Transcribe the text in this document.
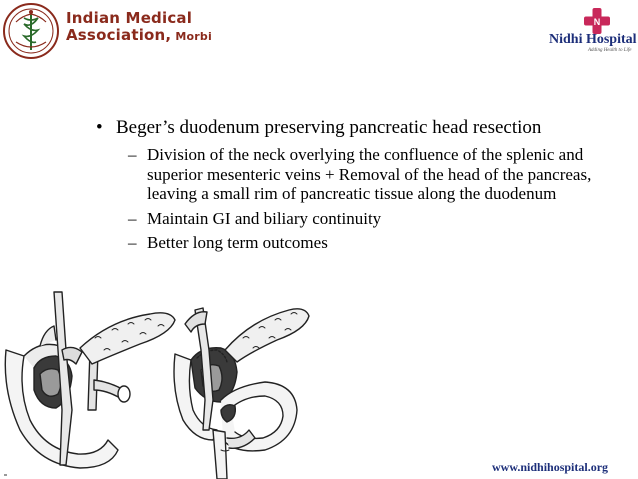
Indian Medical
Association, Morbi
N
Nidhi Hospital
Adding Health to Life
• Beger’s duodenum preserving pancreatic head resection
– Division of the neck overlying the confluence of the splenic and superior mesenteric veins + Removal of the head of the pancreas, leaving a small rim of pancreatic tissue along the duodenum
– Maintain GI and biliary continuity
– Better long term outcomes
www.nidhihospital.org
